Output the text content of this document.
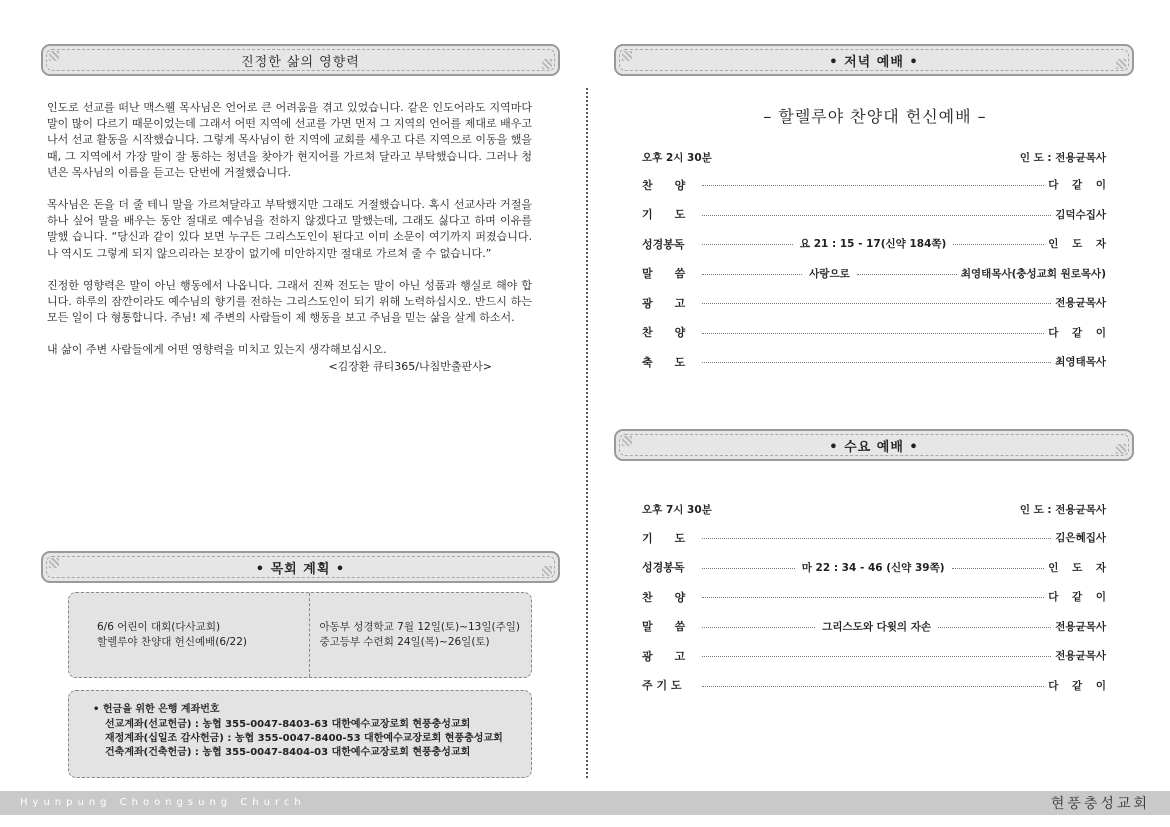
진정한 삶의 영향력

인도로 선교를 떠난 맥스웰 목사님은 언어로 큰 어려움을 겪고 있었습니다. 같은 인도어라도 지역마다 말이 많이 다르기 때문이었는데 그래서 어떤 지역에 선교를 가면 먼저 그 지역의 언어를 제대로 배우고 나서 선교 활동을 시작했습니다. 그렇게 목사님이 한 지역에 교회를 세우고 다른 지역으로 이동을 했을 때, 그 지역에서 가장 말이 잘 통하는 청년을 찾아가 현지어를 가르쳐 달라고 부탁했습니다. 그러나 청년은 목사님의 이름을 듣고는 단번에 거절했습니다.

목사님은 돈을 더 줄 테니 말을 가르쳐달라고 부탁했지만 그래도 거절했습니다. 혹시 선교사라 거절을 하나 싶어 말을 배우는 동안 절대로 예수님을 전하지 않겠다고 말했는데, 그래도 싫다고 하며 이유를 말했 습니다. “당신과 같이 있다 보면 누구든 그리스도인이 된다고 이미 소문이 여기까지 퍼졌습니다. 나 역시도 그렇게 되지 않으리라는 보장이 없기에 미안하지만 절대로 가르쳐 줄 수 없습니다.”

진정한 영향력은 말이 아닌 행동에서 나옵니다. 그래서 진짜 전도는 말이 아닌 성품과 행실로 해야 합니다. 하루의 잠깐이라도 예수님의 향기를 전하는 그리스도인이 되기 위해 노력하십시오. 반드시 하는 모든 일이 다 형통합니다. 주님! 제 주변의 사람들이 제 행동을 보고 주님을 믿는 삶을 살게 하소서.

내 삶이 주변 사람들에게 어떤 영향력을 미치고 있는지 생각해보십시오.

<김장환 큐티365/나침반출판사>

• 목회 계획 •
6/6 어린이 대회(다사교회)
할렐루야 찬양대 헌신예배(6/22)
아동부 성경학교 7월 12일(토)~13일(주일)
중고등부 수련회 24일(목)~26일(토)
• 헌금을 위한 은행 계좌번호
선교계좌(선교헌금) : 농협 355-0047-8403-63 대한예수교장로회 현풍충성교회
재정계좌(십일조 감사헌금) : 농협 355-0047-8400-53 대한예수교장로회 현풍충성교회
건축계좌(건축헌금) : 농협 355-0047-8404-03 대한예수교장로회 현풍충성교회
• 저녁 예배 •
– 할렐루야 찬양대 헌신예배 –
오후 2시 30분	인 도 : 전용균목사
찬　　양	다 같 이
기　　도	김덕수집사
성경봉독	요 21 : 15 - 17(신약 184쪽)	인 도 자
말　　씀	사랑으로	최영태목사(충성교회 원로목사)
광　　고	전용균목사
찬　　양	다 같 이
축　　도	최영태목사
• 수요 예배 •
오후 7시 30분	인 도 : 전용균목사
기　　도	김은혜집사
성경봉독	마 22 : 34 - 46 (신약 39쪽)	인 도 자
찬　　양	다 같 이
말　　씀	그리스도와 다윗의 자손	전용균목사
광　　고	전용균목사
주 기 도	다 같 이
Hyunpung Choongsung Church	현풍충성교회
